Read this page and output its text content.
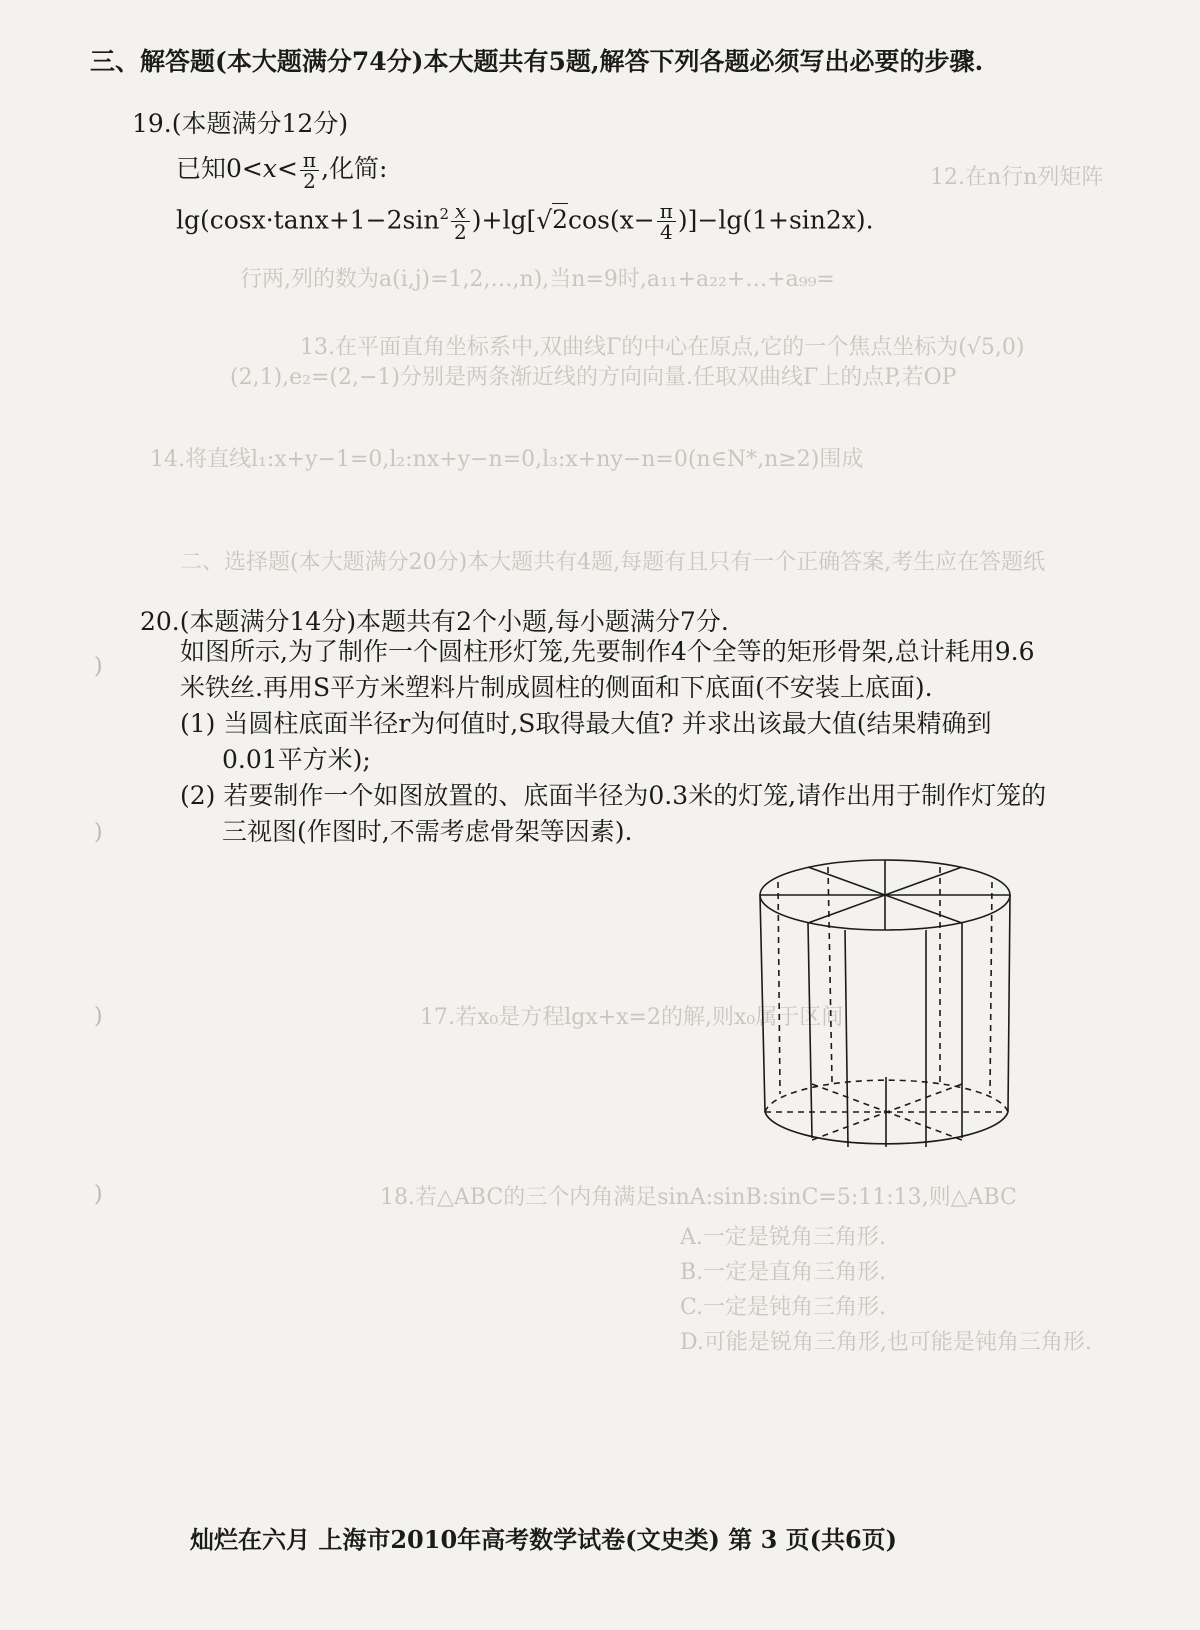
12.在n行n列矩阵
行两,列的数为a(i,j)=1,2,…,n),当n=9时,a₁₁+a₂₂+…+a₉₉=
13.在平面直角坐标系中,双曲线Γ的中心在原点,它的一个焦点坐标为(√5,0)
(2,1),e₂=(2,−1)分别是两条渐近线的方向向量.任取双曲线Γ上的点P,若OP
14.将直线l₁:x+y−1=0,l₂:nx+y−n=0,l₃:x+ny−n=0(n∈N*,n≥2)围成
二、选择题(本大题满分20分)本大题共有4题,每题有且只有一个正确答案,考生应在答题纸
17.若x₀是方程lgx+x=2的解,则x₀属于区间
18.若△ABC的三个内角满足sinA:sinB:sinC=5:11:13,则△ABC
A.一定是锐角三角形.
B.一定是直角三角形.
C.一定是钝角三角形.
D.可能是锐角三角形,也可能是钝角三角形.
)
)
)
)
三、解答题(本大题满分74分)本大题共有5题,解答下列各题必须写出必要的步骤.
19.(本题满分12分)
已知$0<x< \frac{\pi}{2}$ ,化简:
$\lg(\cos x\cdot\tan x+1-2\sin^2 \frac{x}{2} )+\lg[√2\cos(x- \frac{\pi}{4} )]-\lg(1+\sin 2x)$.
20.(本题满分14分)本题共有2个小题,每小题满分7分.
如图所示,为了制作一个圆柱形灯笼,先要制作4个全等的矩形骨架,总计耗用9.6
米铁丝.再用S平方米塑料片制成圆柱的侧面和下底面(不安装上底面).
(1) 当圆柱底面半径r为何值时,S取得最大值? 并求出该最大值(结果精确到
0.01平方米);
(2) 若要制作一个如图放置的、底面半径为0.3米的灯笼,请作出用于制作灯笼的
三视图(作图时,不需考虑骨架等因素).
灿烂在六月 上海市2010年高考数学试卷(文史类) 第 3 页(共6页)
